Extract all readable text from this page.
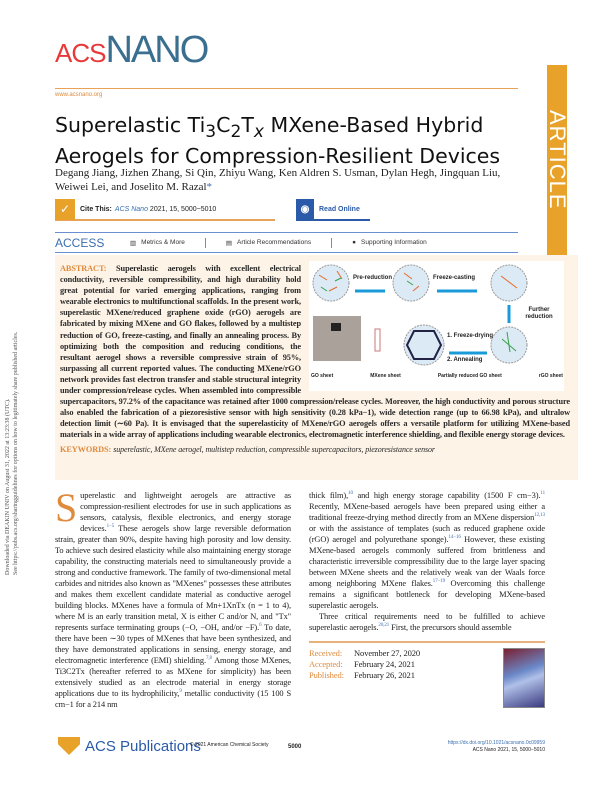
Downloaded via DEAKIN UNIV on August 31, 2022 at 13:23:38 (UTC). See https://pubs.acs.org/sharingguidelines for options on how to legitimately share published articles.
ACSNANO
www.acsnano.org
ARTICLE
Superelastic $Ti_3C_2T_x$ MXene-Based Hybrid Aerogels for Compression-Resilient Devices
Degang Jiang, Jizhen Zhang, Si Qin, Zhiyu Wang, Ken Aldren S. Usman, Dylan Hegh, Jingquan Liu, Weiwei Lei, and Joselito M. Razal*
✓	Cite This: ACS Nano
2021, 15, 5000−5010	◉	Read Online
ACCESS	▥ Metrics & More	▤ Article Recommendations	● Supporting Information
Pre-reduction	Freeze-casting
Further reduction
1. Freeze-drying
2. Annealing
GO sheet	MXene sheet	Partially reduced GO sheet	rGO sheet
ABSTRACT: Superelastic aerogels with excellent electrical conductivity, reversible compressibility, and high durability hold great potential for varied emerging applications, ranging from wearable electronics to multifunctional scaffolds. In the present work, superelastic MXene/reduced graphene oxide (rGO) aerogels are fabricated by mixing MXene and GO flakes, followed by a multistep reduction of GO, freeze-casting, and finally an annealing process. By optimizing both the composition and reducing conditions, the resultant aerogel shows a reversible compressive strain of 95%, surpassing all current reported values. The conducting MXene/rGO network provides fast electron transfer and stable structural integrity under compression/release cycles. When assembled into compressible supercapacitors, 97.2% of the capacitance was retained after 1000 compression/release cycles. Moreover, the high conductivity and porous structure also enabled the fabrication of a piezoresistive sensor with high sensitivity (0.28 kPa−1), wide detection range (up to 66.98 kPa), and ultralow detection limit (∼60 Pa). It is envisaged that the superelasticity of MXene/rGO aerogels offers a versatile platform for utilizing MXene-based materials in a wide array of applications including wearable electronics, electromagnetic interference shielding, and flexible energy storage devices.
KEYWORDS: superelastic, MXene aerogel, multistep reduction, compressible supercapacitors, piezoresistance sensor
S uperelastic and lightweight aerogels are attractive as compression-resilient electrodes for use in such applications as sensors, catalysis, flexible electronics, and energy storage devices.$^{1-5}$ These aerogels show large reversible deformation strain, greater than 90%, despite having high porosity and low density. To achieve such desired elasticity while also maintaining energy storage capability, the constructing materials need to simultaneously provide a strong and conductive framework. The family of two-dimensional metal carbides and nitrides also known as "MXenes" possesses these attributes and makes them excellent candidate material as conductive aerogel building blocks. MXenes have a formula of Mn+1XnTx (n = 1 to 4), where M is an early transition metal, X is either C and/or N, and "Tx" represents surface terminating groups (−O, −OH, and/or −F).$^6$ To date, there have been ∼30 types of MXenes that have been synthesized, and they have demonstrated applications in sensing, energy storage, and electromagnetic interference (EMI) shielding.$^{7,8}$ Among those MXenes, Ti3C2Tx (hereafter referred to as MXene for simplicity) has been extensively studied as an electrode material in energy storage applications due to its hydrophilicity,$^9$ metallic conductivity (15 100 S cm−1 for a 214 nm

thick film),$^{10}$ and high energy storage capability (1500 F cm−3).$^{11}$ Recently, MXene-based aerogels have been prepared using either a traditional freeze-drying method directly from an MXene dispersion$^{12,13}$ or with the assistance of templates (such as reduced graphene oxide (rGO) aerogel and polyurethane sponge).$^{14-16}$ However, these existing MXene-based aerogels commonly suffered from brittleness and characteristic irreversible compressibility due to the large layer spacing between MXene sheets and the relatively weak van der Waals force among neighboring MXene flakes.$^{17-19}$ Overcoming this challenge remains a significant bottleneck for developing MXene-based superelastic aerogels.

Three critical requirements need to be fulfilled to achieve superelastic aerogels.$^{20,21}$ First, the precursors should assemble

Received: November 27, 2020
Accepted: February 24, 2021
Published: February 26, 2021
ACS Publications
© 2021 American Chemical Society	5000
https://dx.doi.org/10.1021/acsnano.0c09959
ACS Nano 2021, 15, 5000−5010
